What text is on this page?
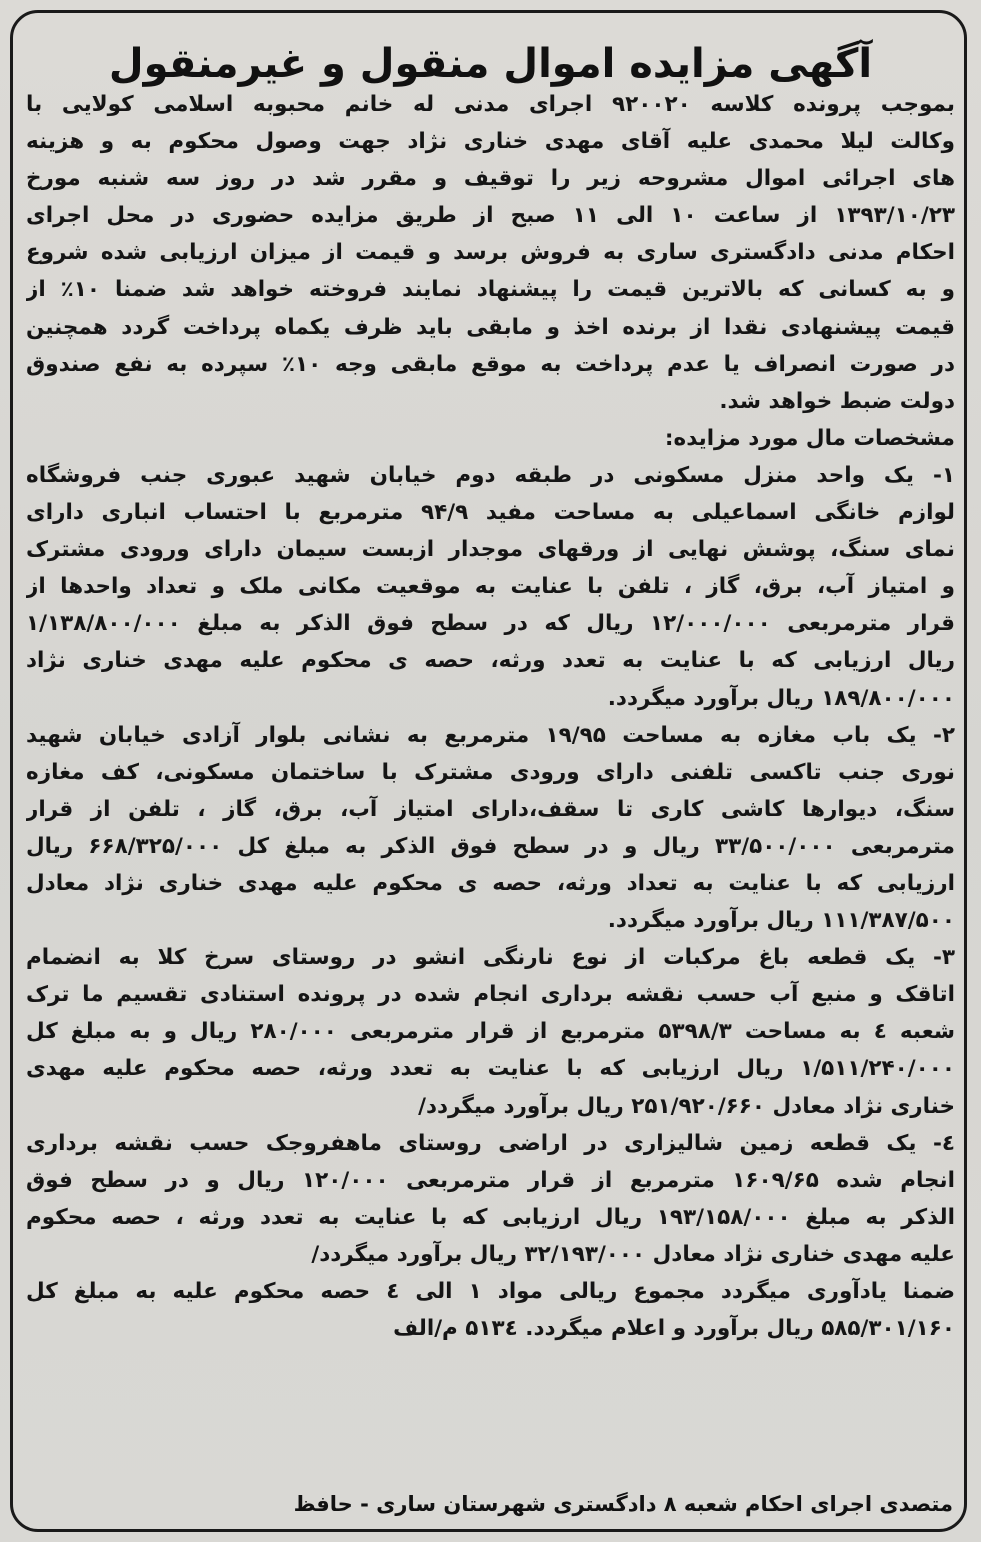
آگهی مزایده اموال منقول و غیرمنقول
بموجب پرونده کلاسه ۹۲۰۰۲۰ اجرای مدنی له خانم محبوبه اسلامی کولایی با
وکالت لیلا محمدی علیه آقای مهدی خناری نژاد جهت وصول محکوم به و هزینه
های اجرائی اموال مشروحه زیر را توقیف و مقرر شد در روز سه شنبه مورخ
۱۳۹۳/۱۰/۲۳ از ساعت ۱۰ الی ۱۱ صبح از طریق مزایده حضوری در محل اجرای
احکام مدنی دادگستری ساری به فروش برسد و قیمت از میزان ارزیابی شده شروع
و به کسانی که بالاترین قیمت را پیشنهاد نمایند فروخته خواهد شد ضمنا ۱۰٪ از
قیمت پیشنهادی نقدا از برنده اخذ و مابقی باید ظرف یکماه پرداخت گردد همچنین
در صورت انصراف یا عدم پرداخت به موقع مابقی وجه ۱۰٪ سپرده به نفع صندوق
دولت ضبط خواهد شد.
مشخصات مال مورد مزایده:
۱- یک واحد منزل مسکونی در طبقه دوم خیابان شهید عبوری جنب فروشگاه
لوازم خانگی اسماعیلی به مساحت مفید ۹۴/۹ مترمربع با احتساب انباری دارای
نمای سنگ، پوشش نهایی از ورقهای موجدار ازبست سیمان دارای ورودی مشترک
و امتیاز آب، برق، گاز ، تلفن با عنایت به موقعیت مکانی ملک و تعداد واحدها از
قرار مترمربعی ۱۲/۰۰۰/۰۰۰ ریال که در سطح فوق الذکر به مبلغ ۱/۱۳۸/۸۰۰/۰۰۰
ریال ارزیابی که با عنایت به تعدد ورثه، حصه ی محکوم علیه مهدی خناری نژاد
۱۸۹/۸۰۰/۰۰۰ ریال برآورد میگردد.
۲- یک باب مغازه به مساحت ۱۹/۹۵ مترمربع به نشانی بلوار آزادی خیابان شهید
نوری جنب تاکسی تلفنی دارای ورودی مشترک با ساختمان مسکونی، کف مغازه
سنگ، دیوارها کاشی کاری تا سقف،دارای امتیاز آب، برق، گاز ، تلفن از قرار
مترمربعی ۳۳/۵۰۰/۰۰۰ ریال و در سطح فوق الذکر به مبلغ کل ۶۶۸/۳۲۵/۰۰۰ ریال
ارزیابی که با عنایت به تعداد ورثه، حصه ی محکوم علیه مهدی خناری نژاد معادل
۱۱۱/۳۸۷/۵۰۰ ریال برآورد میگردد.
۳- یک قطعه باغ مرکبات از نوع نارنگی انشو در روستای سرخ کلا به انضمام
اتاقک و منبع آب حسب نقشه برداری انجام شده در پرونده استنادی تقسیم ما ترک
شعبه ٤ به مساحت ۵۳۹۸/۳ مترمربع از قرار مترمربعی ۲۸۰/۰۰۰ ریال و به مبلغ کل
۱/۵۱۱/۲۴۰/۰۰۰ ریال ارزیابی که با عنایت به تعدد ورثه، حصه محکوم علیه مهدی
خناری نژاد معادل ۲۵۱/۹۲۰/۶۶۰ ریال برآورد میگردد/
٤- یک قطعه زمین شالیزاری در اراضی روستای ماهفروجک حسب نقشه برداری
انجام شده ۱۶۰۹/۶۵ مترمربع از قرار مترمربعی ۱۲۰/۰۰۰ ریال و در سطح فوق
الذکر به مبلغ ۱۹۳/۱۵۸/۰۰۰ ریال ارزیابی که با عنایت به تعدد ورثه ، حصه محکوم
علیه مهدی خناری نژاد معادل ۳۲/۱۹۳/۰۰۰ ریال برآورد میگردد/
ضمنا یادآوری میگردد مجموع ریالی مواد ۱ الی ٤ حصه محکوم علیه به مبلغ کل
۵۸۵/۳۰۱/۱۶۰ ریال برآورد و اعلام میگردد. ۵۱۳٤ م/الف
متصدی اجرای احکام شعبه ۸ دادگستری شهرستان ساری - حافظ
